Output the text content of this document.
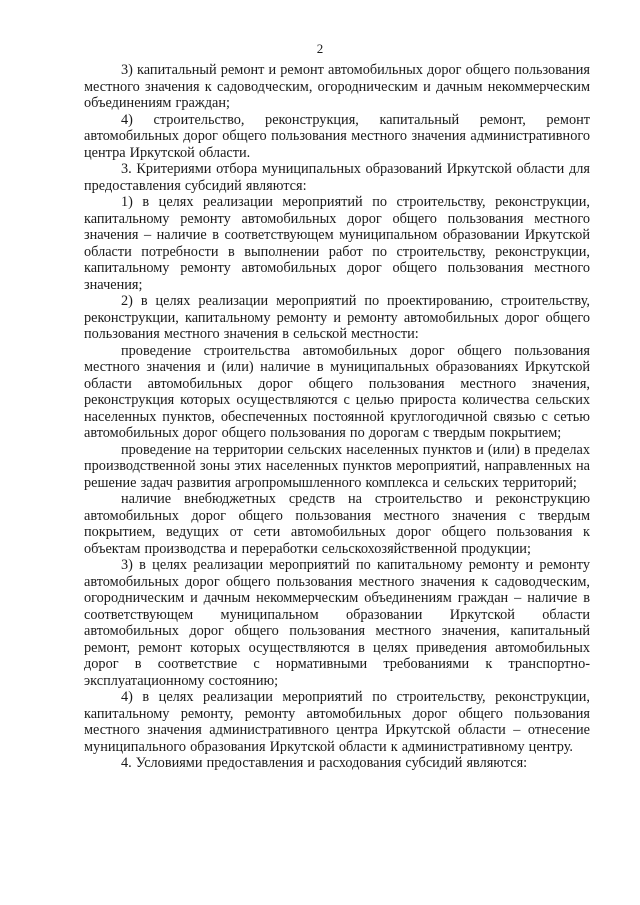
2

3) капитальный ремонт и ремонт автомобильных дорог общего пользования местного значения к садоводческим, огородническим и дачным некоммерческим объединениям граждан;

4) строительство, реконструкция, капитальный ремонт, ремонт автомобильных дорог общего пользования местного значения административного центра Иркутской области.

3. Критериями отбора муниципальных образований Иркутской области для предоставления субсидий являются:

1) в целях реализации мероприятий по строительству, реконструкции, капитальному ремонту автомобильных дорог общего пользования местного значения – наличие в соответствующем муниципальном образовании Иркутской области потребности в выполнении работ по строительству, реконструкции, капитальному ремонту автомобильных дорог общего пользования местного значения;

2) в целях реализации мероприятий по проектированию, строительству, реконструкции, капитальному ремонту и ремонту автомобильных дорог общего пользования местного значения в сельской местности:

проведение строительства автомобильных дорог общего пользования местного значения и (или) наличие в муниципальных образованиях Иркутской области автомобильных дорог общего пользования местного значения, реконструкция которых осуществляются с целью прироста количества сельских населенных пунктов, обеспеченных постоянной круглогодичной связью с сетью автомобильных дорог общего пользования по дорогам с твердым покрытием;

проведение на территории сельских населенных пунктов и (или) в пределах производственной зоны этих населенных пунктов мероприятий, направленных на решение задач развития агропромышленного комплекса и сельских территорий;

наличие внебюджетных средств на строительство и реконструкцию автомобильных дорог общего пользования местного значения с твердым покрытием, ведущих от сети автомобильных дорог общего пользования к объектам производства и переработки сельскохозяйственной продукции;

3) в целях реализации мероприятий по капитальному ремонту и ремонту автомобильных дорог общего пользования местного значения к садоводческим, огородническим и дачным некоммерческим объединениям граждан – наличие в соответствующем муниципальном образовании Иркутской области автомобильных дорог общего пользования местного значения, капитальный ремонт, ремонт которых осуществляются в целях приведения автомобильных дорог в соответствие с нормативными требованиями к транспортно-эксплуатационному состоянию;

4) в целях реализации мероприятий по строительству, реконструкции, капитальному ремонту, ремонту автомобильных дорог общего пользования местного значения административного центра Иркутской области – отнесение муниципального образования Иркутской области к административному центру.

4. Условиями предоставления и расходования субсидий являются:
